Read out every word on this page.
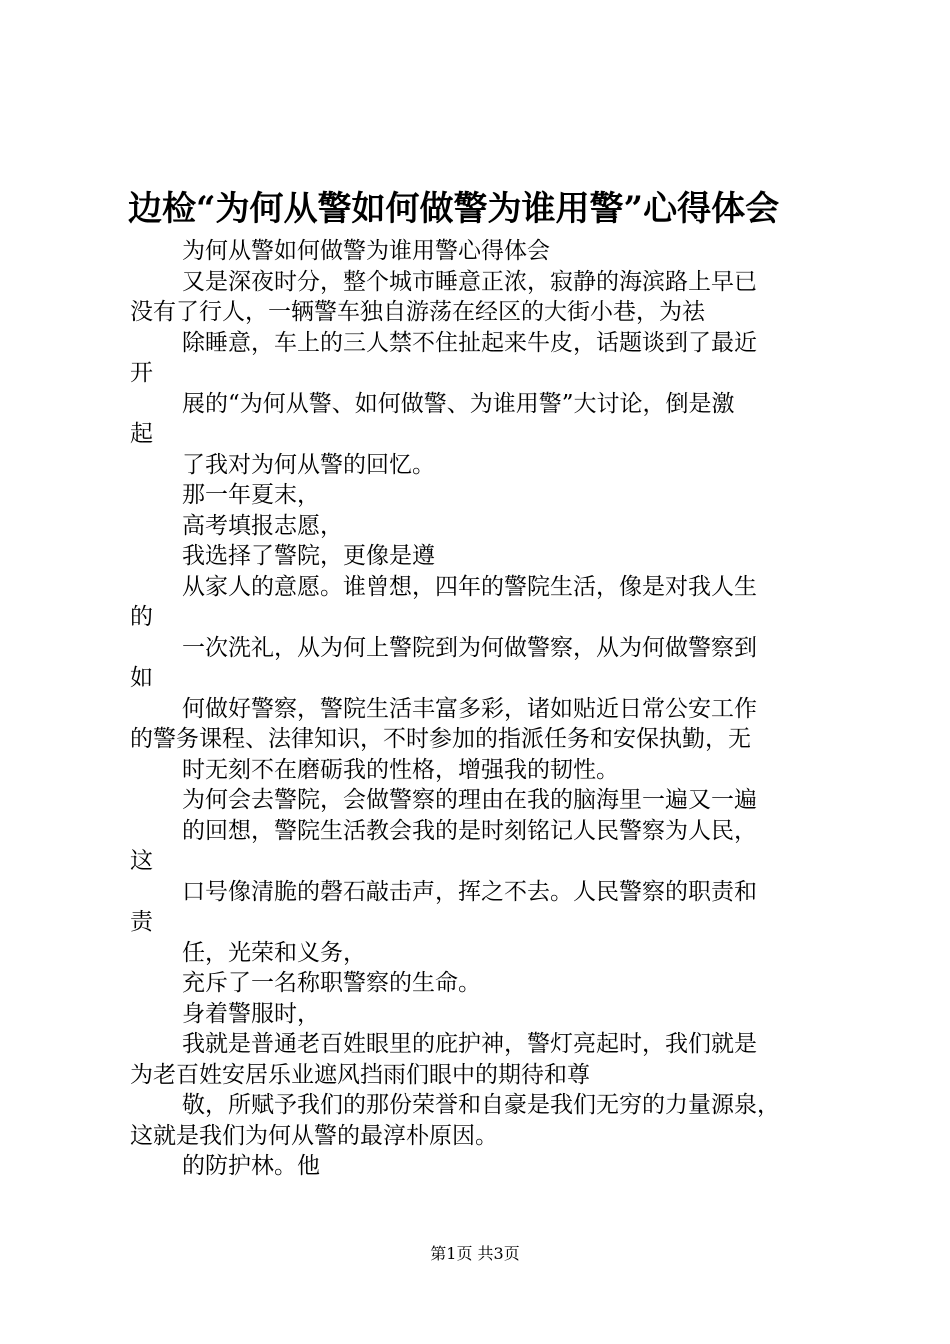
边检“为何从警如何做警为谁用警”心得体会
为何从警如何做警为谁用警心得体会
又是深夜时分，整个城市睡意正浓，寂静的海滨路上早已
没有了行人，一辆警车独自游荡在经区的大街小巷，为祛
除睡意，车上的三人禁不住扯起来牛皮，话题谈到了最近
开
展的“为何从警、如何做警、为谁用警”大讨论，倒是激
起
了我对为何从警的回忆。
那一年夏末，
高考填报志愿，
我选择了警院，更像是遵
从家人的意愿。谁曾想，四年的警院生活，像是对我人生
的
一次洗礼，从为何上警院到为何做警察，从为何做警察到
如
何做好警察，警院生活丰富多彩，诸如贴近日常公安工作
的警务课程、法律知识，不时参加的指派任务和安保执勤，无
时无刻不在磨砺我的性格，增强我的韧性。
为何会去警院，会做警察的理由在我的脑海里一遍又一遍
的回想，警院生活教会我的是时刻铭记人民警察为人民，
这
口号像清脆的磬石敲击声，挥之不去。人民警察的职责和
责
任，光荣和义务，
充斥了一名称职警察的生命。
身着警服时，
我就是普通老百姓眼里的庇护神，警灯亮起时，我们就是
为老百姓安居乐业遮风挡雨们眼中的期待和尊
敬，所赋予我们的那份荣誉和自豪是我们无穷的力量源泉，
这就是我们为何从警的最淳朴原因。
的防护林。他
第1页 共3页
